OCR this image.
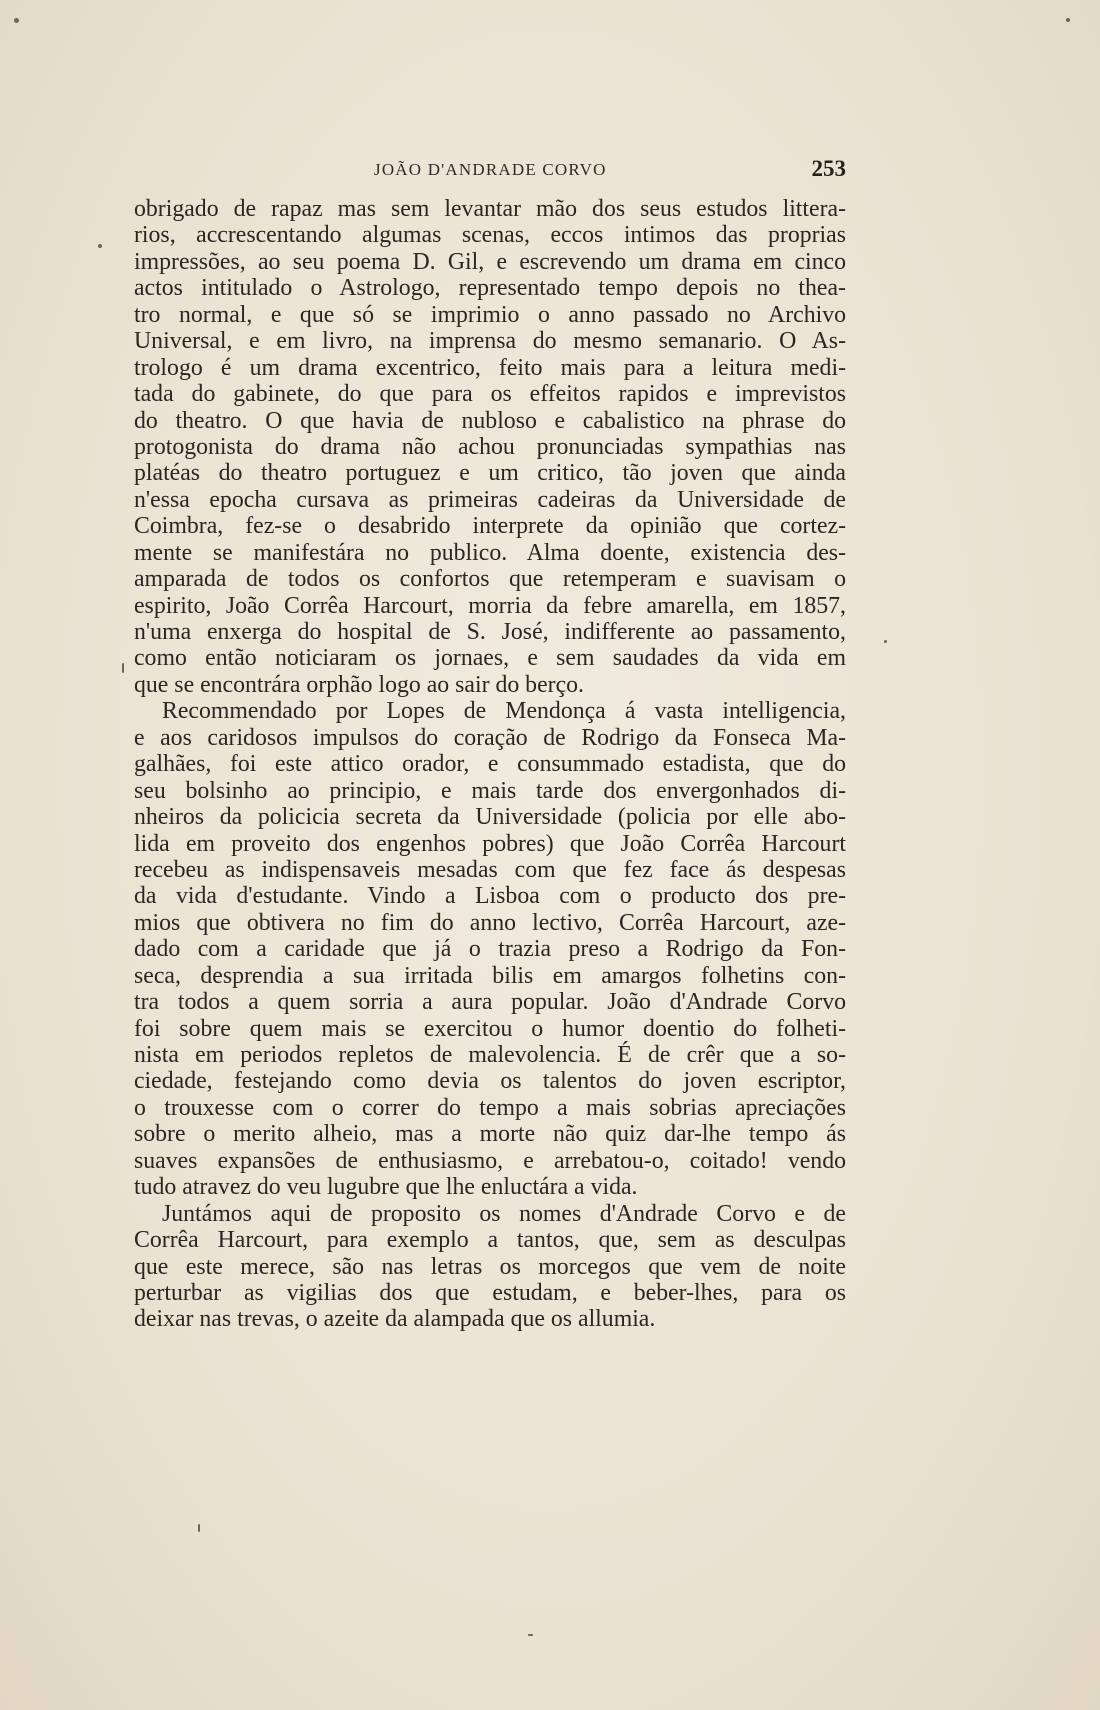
JOÃO D'ANDRADE CORVO	253
obrigado de rapaz mas sem levantar mão dos seus estudos littera-
rios, accrescentando algumas scenas, eccos intimos das proprias
impressões, ao seu poema D. Gil, e escrevendo um drama em cinco
actos intitulado o Astrologo, representado tempo depois no thea-
tro normal, e que só se imprimio o anno passado no Archivo
Universal, e em livro, na imprensa do mesmo semanario. O As-
trologo é um drama excentrico, feito mais para a leitura medi-
tada do gabinete, do que para os effeitos rapidos e imprevistos
do theatro. O que havia de nubloso e cabalistico na phrase do
protogonista do drama não achou pronunciadas sympathias nas
platéas do theatro portuguez e um critico, tão joven que ainda
n'essa epocha cursava as primeiras cadeiras da Universidade de
Coimbra, fez-se o desabrido interprete da opinião que cortez-
mente se manifestára no publico. Alma doente, existencia des-
amparada de todos os confortos que retemperam e suavisam o
espirito, João Corrêa Harcourt, morria da febre amarella, em 1857,
n'uma enxerga do hospital de S. José, indifferente ao passamento,
como então noticiaram os jornaes, e sem saudades da vida em
que se encontrára orphão logo ao sair do berço.
Recommendado por Lopes de Mendonça á vasta intelligencia,
e aos caridosos impulsos do coração de Rodrigo da Fonseca Ma-
galhães, foi este attico orador, e consummado estadista, que do
seu bolsinho ao principio, e mais tarde dos envergonhados di-
nheiros da policicia secreta da Universidade (policia por elle abo-
lida em proveito dos engenhos pobres) que João Corrêa Harcourt
recebeu as indispensaveis mesadas com que fez face ás despesas
da vida d'estudante. Vindo a Lisboa com o producto dos pre-
mios que obtivera no fim do anno lectivo, Corrêa Harcourt, aze-
dado com a caridade que já o trazia preso a Rodrigo da Fon-
seca, desprendia a sua irritada bilis em amargos folhetins con-
tra todos a quem sorria a aura popular. João d'Andrade Corvo
foi sobre quem mais se exercitou o humor doentio do folheti-
nista em periodos repletos de malevolencia. É de crêr que a so-
ciedade, festejando como devia os talentos do joven escriptor,
o trouxesse com o correr do tempo a mais sobrias apreciações
sobre o merito alheio, mas a morte não quiz dar-lhe tempo ás
suaves expansões de enthusiasmo, e arrebatou-o, coitado! vendo
tudo atravez do veu lugubre que lhe enluctára a vida.
Juntámos aqui de proposito os nomes d'Andrade Corvo e de
Corrêa Harcourt, para exemplo a tantos, que, sem as desculpas
que este merece, são nas letras os morcegos que vem de noite
perturbar as vigilias dos que estudam, e beber-lhes, para os
deixar nas trevas, o azeite da alampada que os allumia.
